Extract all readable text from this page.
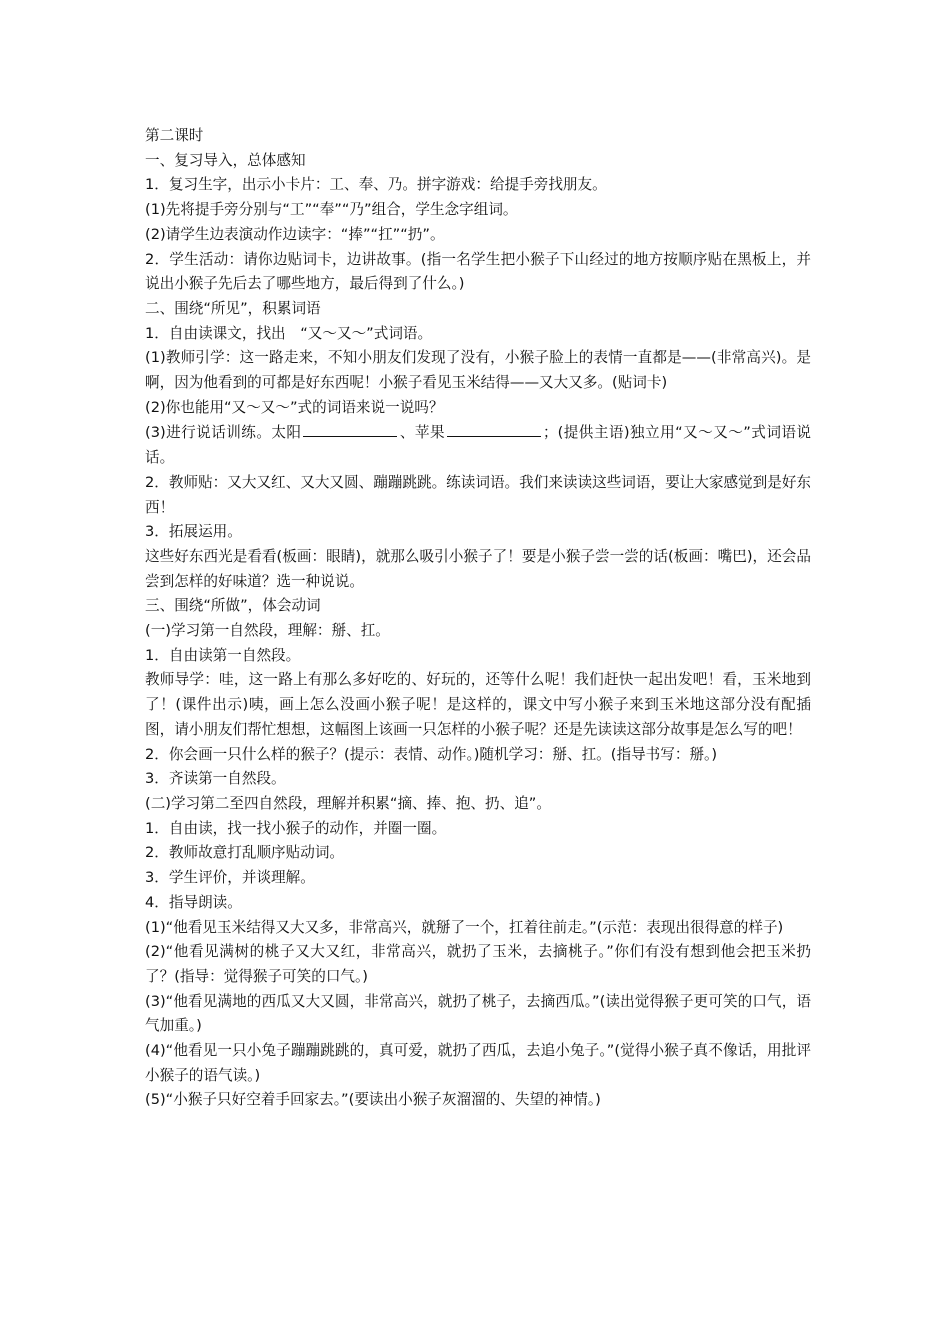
第二课时

一、复习导入，总体感知

1．复习生字，出示小卡片：工、奉、乃。拼字游戏：给提手旁找朋友。

(1)先将提手旁分别与“工”“奉”“乃”组合，学生念字组词。

(2)请学生边表演动作边读字：“捧”“扛”“扔”。

2．学生活动：请你边贴词卡，边讲故事。(指一名学生把小猴子下山经过的地方按顺序贴在黑板上，并说出小猴子先后去了哪些地方，最后得到了什么。)

二、围绕“所见”，积累词语

1．自由读课文，找出　“又～又～”式词语。

(1)教师引学：这一路走来，不知小朋友们发现了没有，小猴子脸上的表情一直都是——(非常高兴)。是啊，因为他看到的可都是好东西呢！小猴子看见玉米结得——又大又多。(贴词卡)

(2)你也能用“又～又～”式的词语来说一说吗？

(3)进行说话训练。太阳	、苹果	；(提供主语)独立用“又～又～”式词语说话。

2．教师贴：又大又红、又大又圆、蹦蹦跳跳。练读词语。我们来读读这些词语，要让大家感觉到是好东西！

3．拓展运用。

这些好东西光是看看(板画：眼睛)，就那么吸引小猴子了！要是小猴子尝一尝的话(板画：嘴巴)，还会品尝到怎样的好味道？选一种说说。

三、围绕“所做”，体会动词

(一)学习第一自然段，理解：掰、扛。

1．自由读第一自然段。

教师导学：哇，这一路上有那么多好吃的、好玩的，还等什么呢！我们赶快一起出发吧！看，玉米地到了！(课件出示)咦，画上怎么没画小猴子呢！是这样的，课文中写小猴子来到玉米地这部分没有配插图，请小朋友们帮忙想想，这幅图上该画一只怎样的小猴子呢？还是先读读这部分故事是怎么写的吧！

2．你会画一只什么样的猴子？(提示：表情、动作。)随机学习：掰、扛。(指导书写：掰。)

3．齐读第一自然段。

(二)学习第二至四自然段，理解并积累“摘、捧、抱、扔、追”。

1．自由读，找一找小猴子的动作，并圈一圈。

2．教师故意打乱顺序贴动词。

3．学生评价，并谈理解。

4．指导朗读。

(1)“他看见玉米结得又大又多，非常高兴，就掰了一个，扛着往前走。”(示范：表现出很得意的样子)

(2)“他看见满树的桃子又大又红，非常高兴，就扔了玉米，去摘桃子。”你们有没有想到他会把玉米扔了？(指导：觉得猴子可笑的口气。)

(3)“他看见满地的西瓜又大又圆，非常高兴，就扔了桃子，去摘西瓜。”(读出觉得猴子更可笑的口气，语气加重。)

(4)“他看见一只小兔子蹦蹦跳跳的，真可爱，就扔了西瓜，去追小兔子。”(觉得小猴子真不像话，用批评小猴子的语气读。)

(5)“小猴子只好空着手回家去。”(要读出小猴子灰溜溜的、失望的神情。)
